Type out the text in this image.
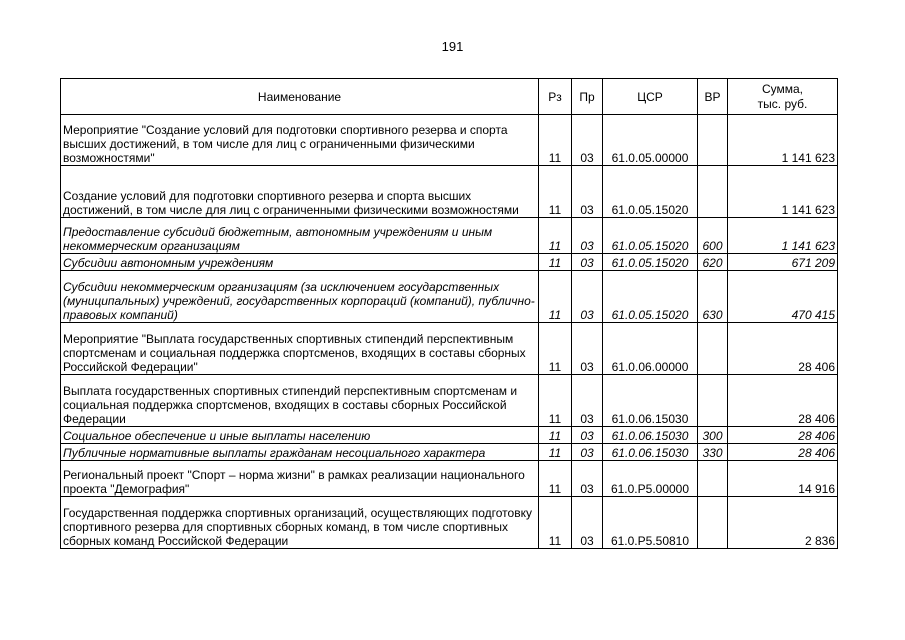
191
Наименование	Рз	Пр	ЦСР	ВР	Сумма,
тыс. руб.
Мероприятие "Создание условий для подготовки спортивного резерва и спорта высших достижений, в том числе для лиц с ограниченными физическими возможностями"	11	03	61.0.05.00000		1 141 623
Создание условий для подготовки спортивного резерва и спорта высших достижений, в том числе для лиц с ограниченными физическими возможностями	11	03	61.0.05.15020		1 141 623
Предоставление субсидий бюджетным, автономным учреждениям и иным некоммерческим организациям	11	03	61.0.05.15020	600	1 141 623
Субсидии автономным учреждениям	11	03	61.0.05.15020	620	671 209
Субсидии некоммерческим организациям (за исключением государственных (муниципальных) учреждений, государственных корпораций (компаний), публично-правовых компаний)	11	03	61.0.05.15020	630	470 415
Мероприятие "Выплата государственных спортивных стипендий перспективным спортсменам и социальная поддержка спортсменов, входящих в составы сборных Российской Федерации"	11	03	61.0.06.00000		28 406
Выплата государственных спортивных стипендий перспективным спортсменам и социальная поддержка спортсменов, входящих в составы сборных Российской Федерации	11	03	61.0.06.15030		28 406
Социальное обеспечение и иные выплаты населению	11	03	61.0.06.15030	300	28 406
Публичные нормативные выплаты гражданам несоциального характера	11	03	61.0.06.15030	330	28 406
Региональный проект "Спорт – норма жизни" в рамках реализации национального проекта "Демография"	11	03	61.0.P5.00000		14 916
Государственная поддержка спортивных организаций, осуществляющих подготовку спортивного резерва для спортивных сборных команд, в том числе спортивных сборных команд Российской Федерации	11	03	61.0.P5.50810		2 836
